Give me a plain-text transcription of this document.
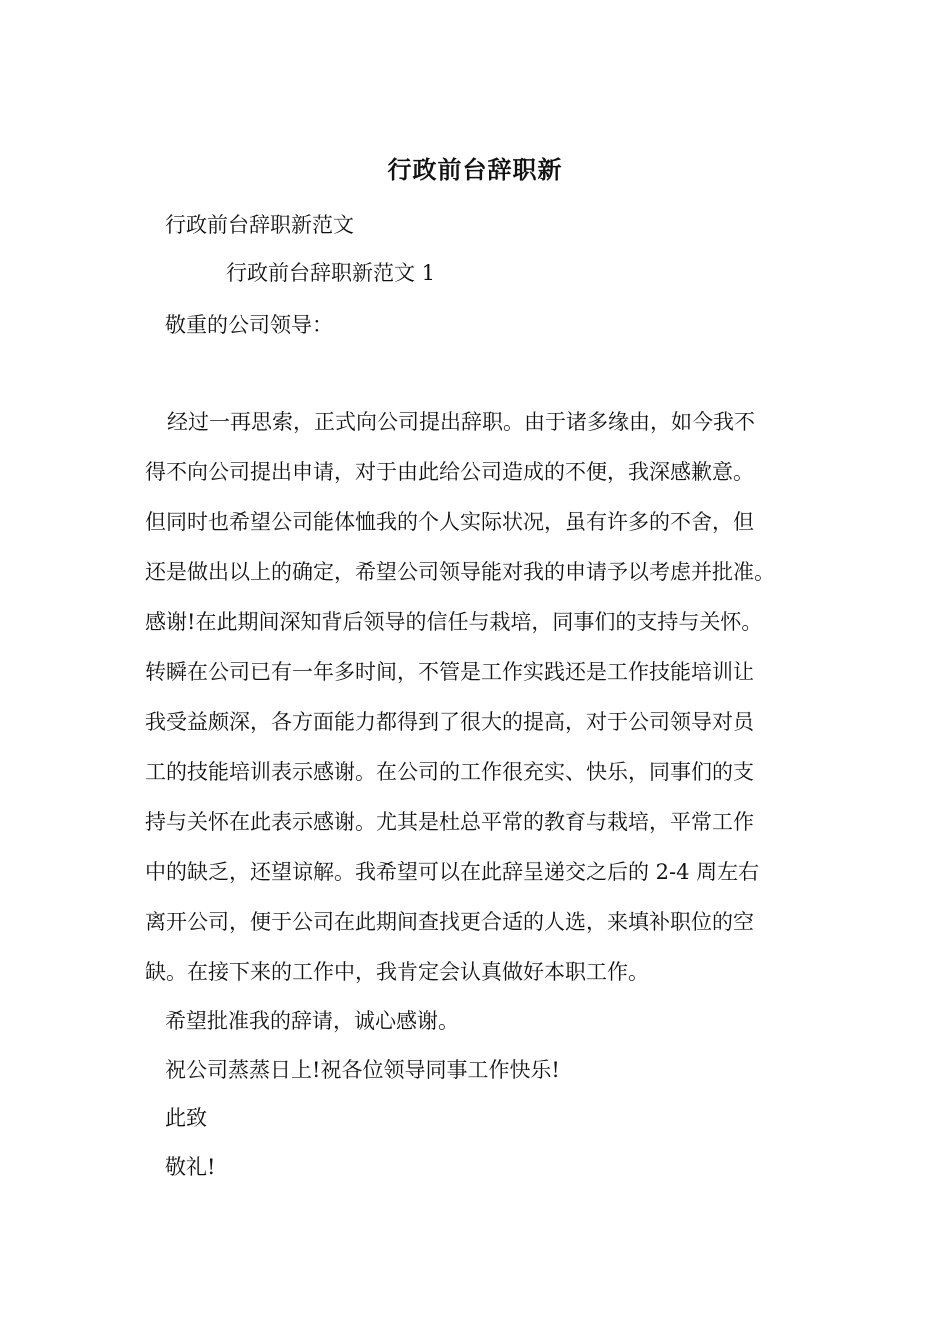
行政前台辞职新
行政前台辞职新范文
行政前台辞职新范文 1
敬重的公司领导：
经过一再思索，正式向公司提出辞职。由于诸多缘由，如今我不
得不向公司提出申请，对于由此给公司造成的不便，我深感歉意。
但同时也希望公司能体恤我的个人实际状况，虽有许多的不舍，但
还是做出以上的确定，希望公司领导能对我的申请予以考虑并批准。
感谢!在此期间深知背后领导的信任与栽培，同事们的支持与关怀。
转瞬在公司已有一年多时间，不管是工作实践还是工作技能培训让
我受益颇深，各方面能力都得到了很大的提高，对于公司领导对员
工的技能培训表示感谢。在公司的工作很充实、快乐，同事们的支
持与关怀在此表示感谢。尤其是杜总平常的教育与栽培，平常工作
中的缺乏，还望谅解。我希望可以在此辞呈递交之后的 2-4 周左右
离开公司，便于公司在此期间查找更合适的人选，来填补职位的空
缺。在接下来的工作中，我肯定会认真做好本职工作。
希望批准我的辞请，诚心感谢。
祝公司蒸蒸日上!祝各位领导同事工作快乐!
此致
敬礼!
